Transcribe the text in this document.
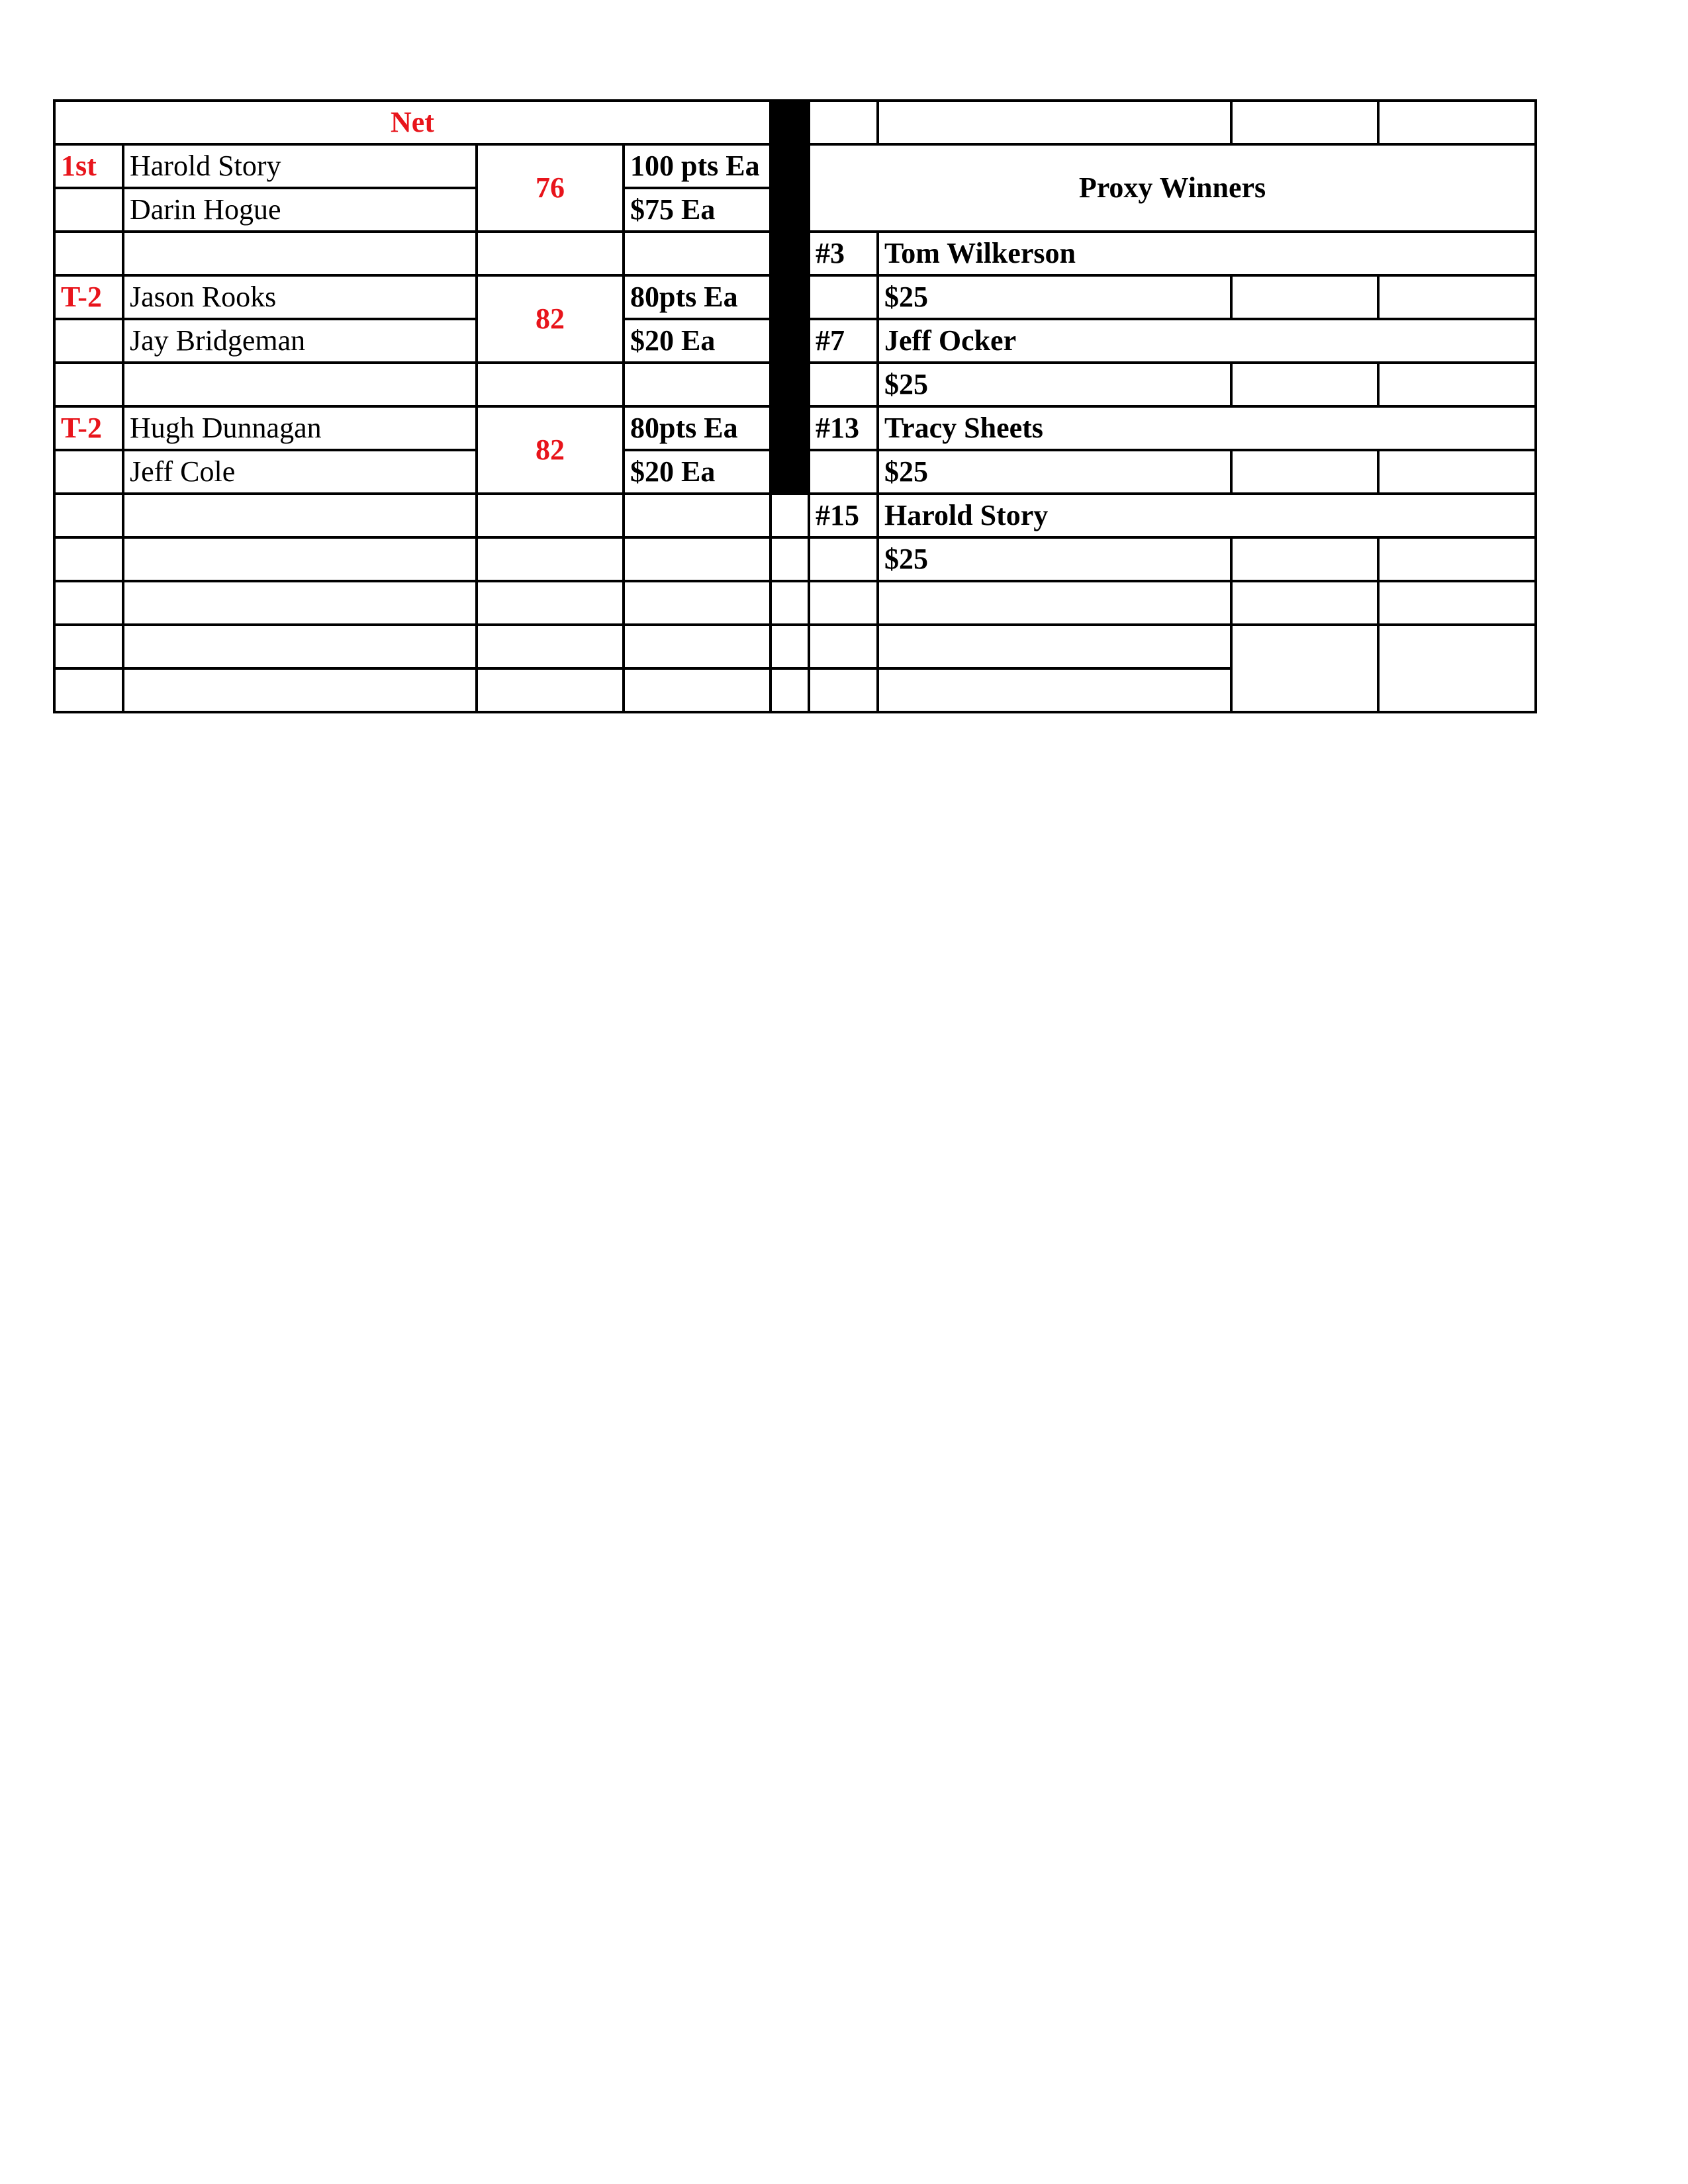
Net								
1st	Harold Story	76	100 pts Ea		Proxy Winners			
	Darin Hogue		$75 Ea					
					#3	Tom Wilkerson		
T-2	Jason Rooks	82	80pts Ea			$25		
	Jay Bridgeman		$20 Ea		#7	Jeff Ocker		
						$25		
T-2	Hugh Dunnagan	82	80pts Ea		#13	Tracy Sheets		
	Jeff Cole		$20 Ea			$25		
					#15	Harold Story		
						$25		
